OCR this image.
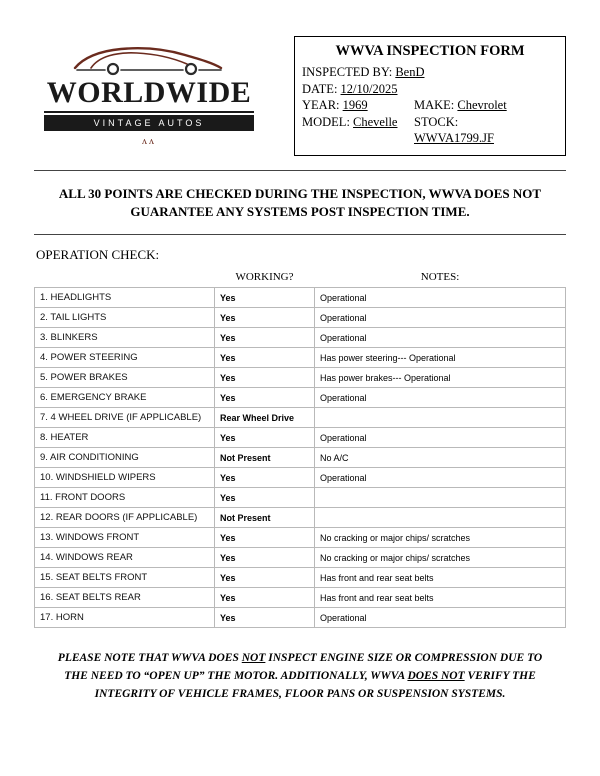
WORLDWIDE
VINTAGE AUTOS
ᴧᴧ
WWVA INSPECTION FORM
INSPECTED BY: BenD
DATE: 12/10/2025
YEAR: 1969	MAKE: Chevrolet
MODEL: Chevelle	STOCK:

WWVA1799.JF
ALL 30 POINTS ARE CHECKED DURING THE INSPECTION, WWVA DOES NOT GUARANTEE ANY SYSTEMS POST INSPECTION TIME.
OPERATION CHECK:
	WORKING?	NOTES:
1. HEADLIGHTS	Yes	Operational
2. TAIL LIGHTS	Yes	Operational
3. BLINKERS	Yes	Operational
4. POWER STEERING	Yes	Has power steering--- Operational
5. POWER BRAKES	Yes	Has power brakes--- Operational
6. EMERGENCY BRAKE	Yes	Operational
7. 4 WHEEL DRIVE (IF APPLICABLE)	Rear Wheel Drive	
8. HEATER	Yes	Operational
9. AIR CONDITIONING	Not Present	No A/C
10. WINDSHIELD WIPERS	Yes	Operational
11. FRONT DOORS	Yes	
12. REAR DOORS (IF APPLICABLE)	Not Present	
13. WINDOWS FRONT	Yes	No cracking or major chips/ scratches
14. WINDOWS REAR	Yes	No cracking or major chips/ scratches
15. SEAT BELTS FRONT	Yes	Has front and rear seat belts
16. SEAT BELTS REAR	Yes	Has front and rear seat belts
17. HORN	Yes	Operational
PLEASE NOTE THAT WWVA DOES NOT INSPECT ENGINE SIZE OR COMPRESSION DUE TO
THE NEED TO “OPEN UP” THE MOTOR. ADDITIONALLY, WWVA DOES NOT VERIFY THE
INTEGRITY OF VEHICLE FRAMES, FLOOR PANS OR SUSPENSION SYSTEMS.
